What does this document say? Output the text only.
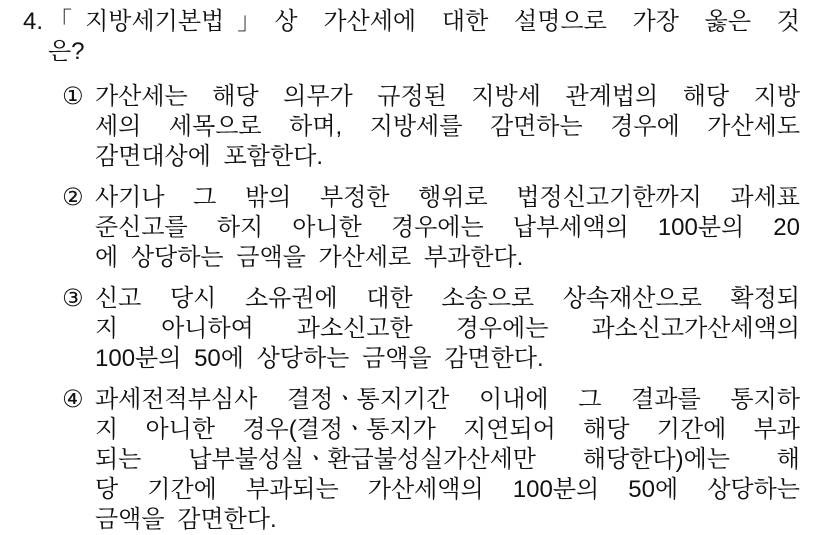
4. 「지방세기본법」상 가산세에 대한 설명으로 가장 옳은 것
은?
① 가산세는 해당 의무가 규정된 지방세 관계법의 해당 지방
세의 세목으로 하며, 지방세를 감면하는 경우에 가산세도
감면대상에 포함한다.
② 사기나 그 밖의 부정한 행위로 법정신고기한까지 과세표
준신고를 하지 아니한 경우에는 납부세액의 100분의 20
에 상당하는 금액을 가산세로 부과한다.
③ 신고 당시 소유권에 대한 소송으로 상속재산으로 확정되
지 아니하여 과소신고한 경우에는 과소신고가산세액의
100분의 50에 상당하는 금액을 감면한다.
④ 과세전적부심사 결정ㆍ통지기간 이내에 그 결과를 통지하
지 아니한 경우(결정ㆍ통지가 지연되어 해당 기간에 부과
되는 납부불성실ㆍ환급불성실가산세만 해당한다)에는 해
당 기간에 부과되는 가산세액의 100분의 50에 상당하는
금액을 감면한다.
